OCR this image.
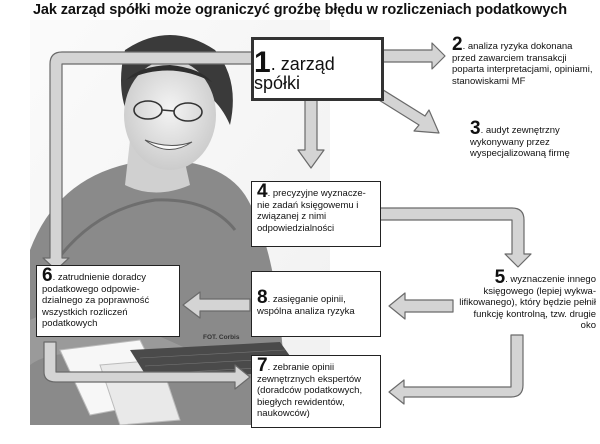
Jak zarząd spółki może ograniczyć groźbę błędu w rozliczeniach podatkowych
FOT. Corbis
1. zarząd spółki
2. analiza ryzyka dokonana przed zawarciem transakcji poparta interpretacjami, opiniami, stanowiskami MF
3. audyt zewnętrzny wykonywany przez wyspecjalizowaną firmę
4. precyzyjne wyznacze-nie zadań księgowemu i związanej z nimi odpowiedzialności
5. wyznaczenie innego księgowego (lepiej wykwa-lifikowanego), który będzie pełnił funkcję kontrolną, tzw. drugie oko
6. zatrudnienie doradcy podatkowego odpowie-dzialnego za poprawność wszystkich rozliczeń podatkowych
7. zebranie opinii zewnętrznych ekspertów (doradców podatkowych, biegłych rewidentów, naukowców)
8. zasięganie opinii, wspólna analiza ryzyka
